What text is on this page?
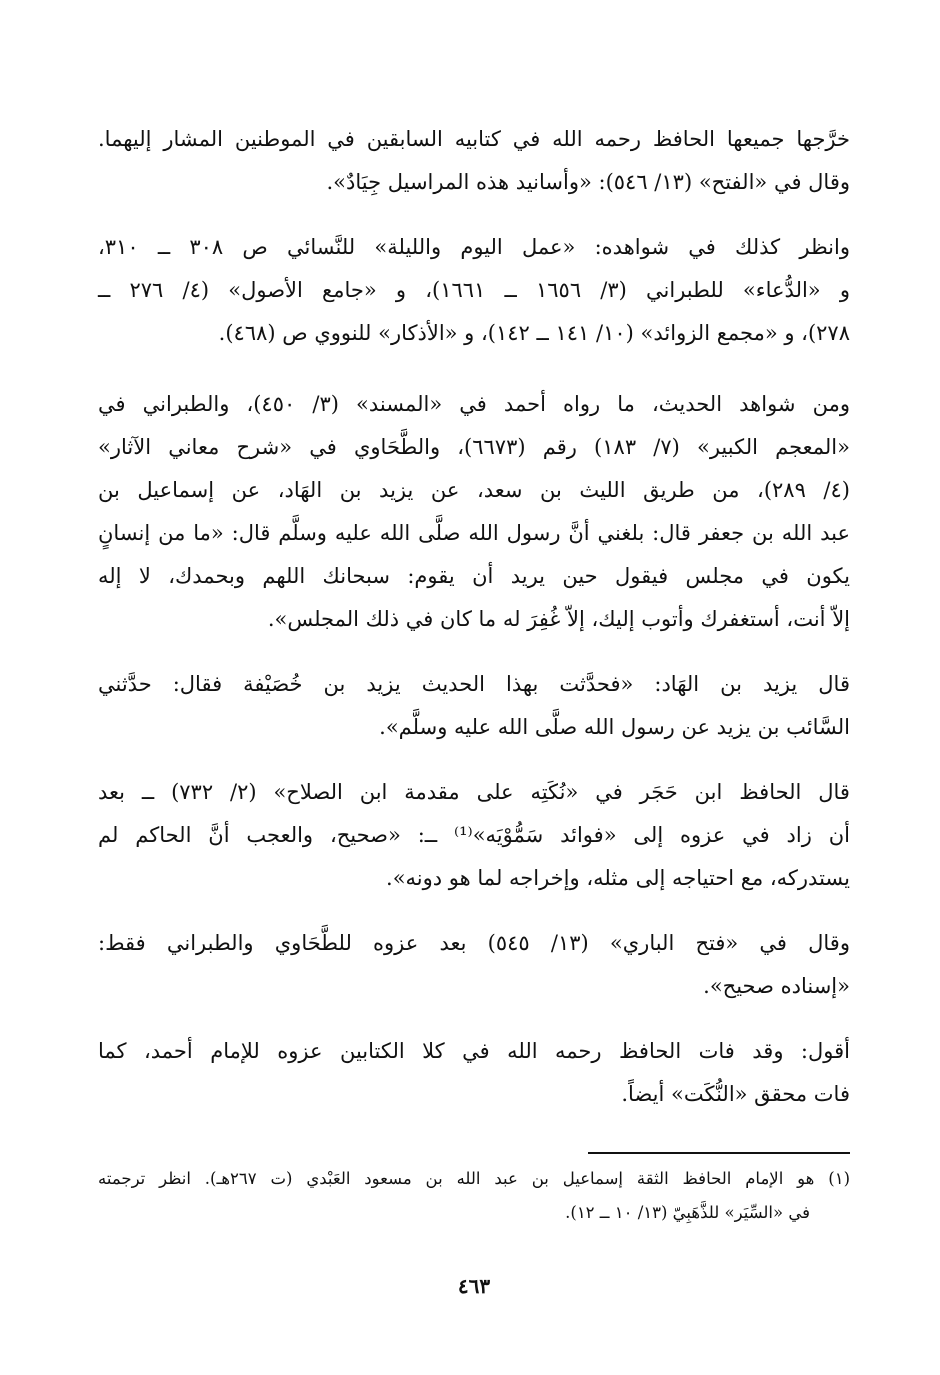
خرَّجها جميعها الحافظ رحمه الله في كتابيه السابقين في الموطنين المشار إليهما.
وقال في «الفتح» (١٣/ ٥٤٦): «وأسانيد هذه المراسيل جِيَادٌ».
وانظر كذلك في شواهده: «عمل اليوم والليلة» للنَّسائي ص ٣٠٨ ــ ٣١٠،
و «الدُّعاء» للطبراني (٣/ ١٦٥٦ ــ ١٦٦١)، و «جامع الأصول» (٤/ ٢٧٦ ــ
٢٧٨)، و «مجمع الزوائد» (١٠/ ١٤١ ــ ١٤٢)، و «الأذكار» للنووي ص (٤٦٨).
ومن شواهد الحديث، ما رواه أحمد في «المسند» (٣/ ٤٥٠)، والطبراني في
«المعجم الكبير» (٧/ ١٨٣) رقم (٦٦٧٣)، والطَّحَاوي في «شرح معاني الآثار»
(٤/ ٢٨٩)، من طريق الليث بن سعد، عن يزيد بن الهَاد، عن إسماعيل بن
عبد الله بن جعفر قال: بلغني أنَّ رسول الله صلَّى الله عليه وسلَّم قال: «ما من إنسانٍ
يكون في مجلس فيقول حين يريد أن يقوم: سبحانك اللهم وبحمدك، لا إله
إلاّ أنت، أستغفرك وأتوب إليك، إلاّ غُفِرَ له ما كان في ذلك المجلس».
قال يزيد بن الهَاد: «فحدَّثت بهذا الحديث يزيد بن خُصَيْفة فقال: حدَّثني
السَّائب بن يزيد عن رسول الله صلَّى الله عليه وسلَّم».
قال الحافظ ابن حَجَر في «نُكَتِه على مقدمة ابن الصلاح» (٢/ ٧٣٢) ــ بعد
أن زاد في عزوه إلى «فوائد سَمُّوْيَه»⁽¹⁾ ــ: «صحيح، والعجب أنَّ الحاكم لم
يستدركه، مع احتياجه إلى مثله، وإخراجه لما هو دونه».
وقال في «فتح الباري» (١٣/ ٥٤٥) بعد عزوه للطَّحَاوي والطبراني فقط:
«إسناده صحيح».
أقول: وقد فات الحافظ رحمه الله في كلا الكتابين عزوه للإمام أحمد، كما
فات محقق «النُّكَت» أيضاً.
(١) هو الإمام الحافظ الثقة إسماعيل بن عبد الله بن مسعود العَبْدي (ت ٢٦٧هـ). انظر ترجمته
في «السِّيَر» للذَّهَبِيّ (١٣/ ١٠ ــ ١٢).
٤٦٣
